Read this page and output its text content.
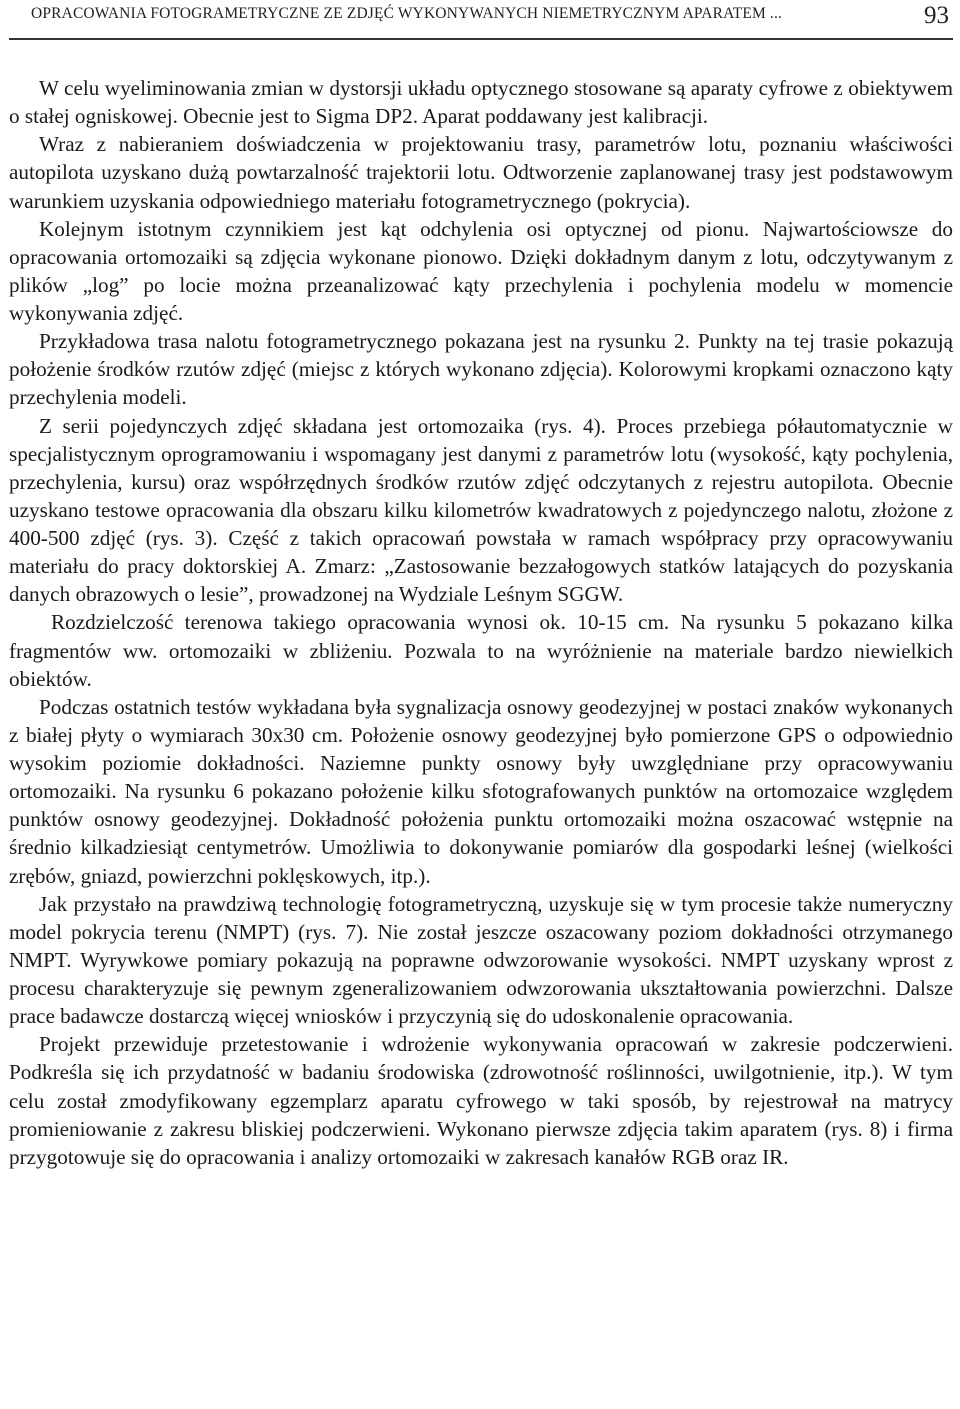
OPRACOWANIA FOTOGRAMETRYCZNE ZE ZDJĘĆ WYKONYWANYCH NIEMETRYCZNYM APARATEM ...	93

W celu wyeliminowania zmian w dystorsji układu optycznego stosowane są aparaty cyfrowe z obiektywem o stałej ogniskowej. Obecnie jest to Sigma DP2. Aparat poddawany jest kalibracji.

Wraz z nabieraniem doświadczenia w projektowaniu trasy, parametrów lotu, poznaniu właściwości autopilota uzyskano dużą powtarzalność trajektorii lotu. Odtworzenie zaplanowanej trasy jest podstawowym warunkiem uzyskania odpowiedniego materiału fotogrametrycznego (pokrycia).

Kolejnym istotnym czynnikiem jest kąt odchylenia osi optycznej od pionu. Najwartościowsze do opracowania ortomozaiki są zdjęcia wykonane pionowo. Dzięki dokładnym danym z lotu, odczytywanym z plików „log” po locie można przeanalizować kąty przechylenia i pochylenia modelu w momencie wykonywania zdjęć.

Przykładowa trasa nalotu fotogrametrycznego pokazana jest na rysunku 2. Punkty na tej trasie pokazują położenie środków rzutów zdjęć (miejsc z których wykonano zdjęcia). Kolorowymi kropkami oznaczono kąty przechylenia modeli.

Z serii pojedynczych zdjęć składana jest ortomozaika (rys. 4). Proces przebiega półautomatycznie w specjalistycznym oprogramowaniu i wspomagany jest danymi z parametrów lotu (wysokość, kąty pochylenia, przechylenia, kursu) oraz współrzędnych środków rzutów zdjęć odczytanych z rejestru autopilota. Obecnie uzyskano testowe opracowania dla obszaru kilku kilometrów kwadratowych z pojedynczego nalotu, złożone z 400-500 zdjęć (rys. 3). Część z takich opracowań powstała w ramach współpracy przy opracowywaniu materiału do pracy doktorskiej A. Zmarz: „Zastosowanie bezzałogowych statków latających do pozyskania danych obrazowych o lesie”, prowadzonej na Wydziale Leśnym SGGW.

Rozdzielczość terenowa takiego opracowania wynosi ok. 10-15 cm. Na rysunku 5 pokazano kilka fragmentów ww. ortomozaiki w zbliżeniu. Pozwala to na wyróżnienie na materiale bardzo niewielkich obiektów.

Podczas ostatnich testów wykładana była sygnalizacja osnowy geodezyjnej w postaci znaków wykonanych z białej płyty o wymiarach 30x30 cm. Położenie osnowy geodezyjnej było pomierzone GPS o odpowiednio wysokim poziomie dokładności. Naziemne punkty osnowy były uwzględniane przy opracowywaniu ortomozaiki. Na rysunku 6 pokazano położenie kilku sfotografowanych punktów na ortomozaice względem punktów osnowy geodezyjnej. Dokładność położenia punktu ortomozaiki można oszacować wstępnie na średnio kilkadziesiąt centymetrów. Umożliwia to dokonywanie pomiarów dla gospodarki leśnej (wielkości zrębów, gniazd, powierzchni poklęskowych, itp.).

Jak przystało na prawdziwą technologię fotogrametryczną, uzyskuje się w tym procesie także numeryczny model pokrycia terenu (NMPT) (rys. 7). Nie został jeszcze oszacowany poziom dokładności otrzymanego NMPT. Wyrywkowe pomiary pokazują na poprawne odwzorowanie wysokości. NMPT uzyskany wprost z procesu charakteryzuje się pewnym zgeneralizowaniem odwzorowania ukształtowania powierzchni. Dalsze prace badawcze dostarczą więcej wniosków i przyczynią się do udoskonalenie opracowania.

Projekt przewiduje przetestowanie i wdrożenie wykonywania opracowań w zakresie podczerwieni. Podkreśla się ich przydatność w badaniu środowiska (zdrowotność roślinności, uwilgotnienie, itp.). W tym celu został zmodyfikowany egzemplarz aparatu cyfrowego w taki sposób, by rejestrował na matrycy promieniowanie z zakresu bliskiej podczerwieni. Wykonano pierwsze zdjęcia takim aparatem (rys. 8) i firma przygotowuje się do opracowania i analizy ortomozaiki w zakresach kanałów RGB oraz IR.
